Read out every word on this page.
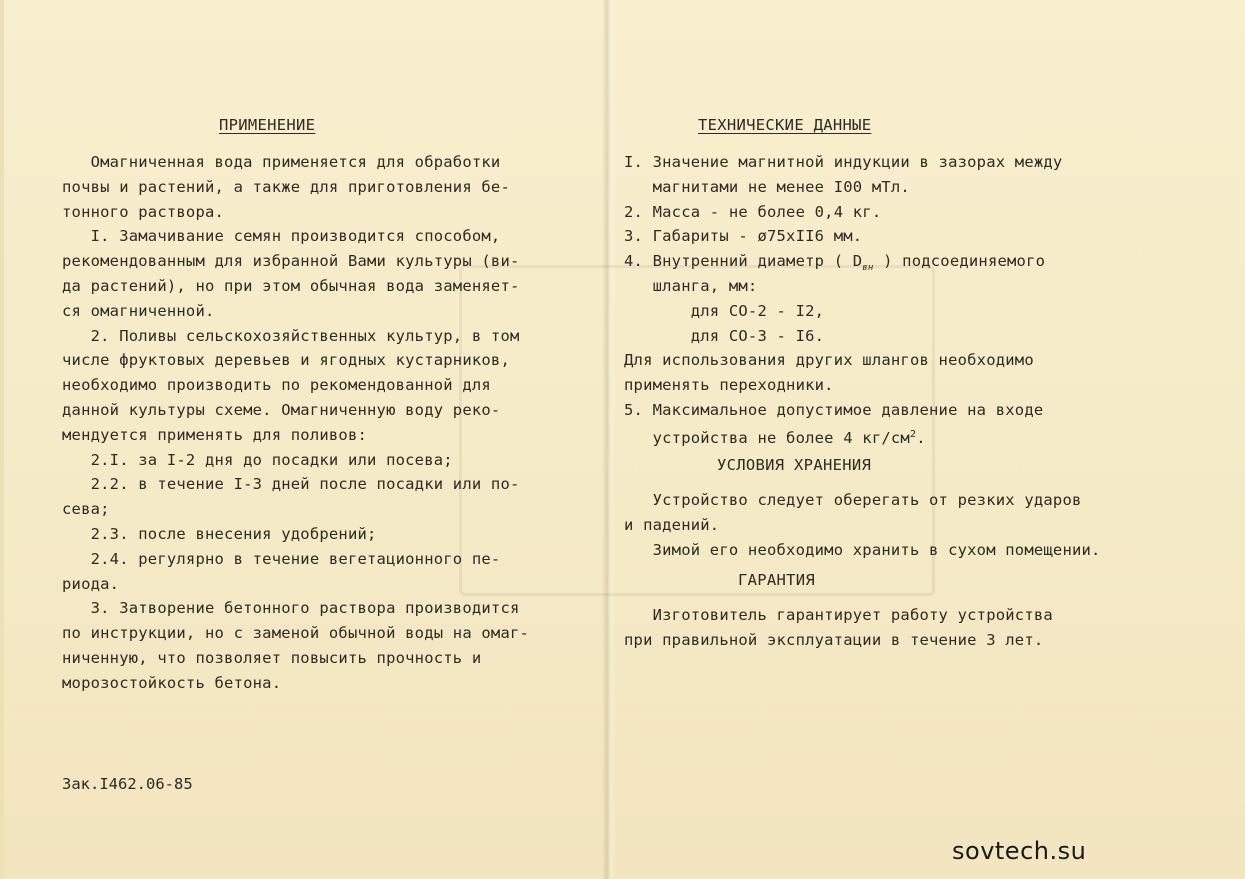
ПРИМЕНЕНИЕ
Омагниченная вода применяется для обработки
почвы и растений, а также для приготовления бе-
тонного раствора.
I. Замачивание семян производится способом,
рекомендованным для избранной Вами культуры (ви-
да растений), но при этом обычная вода заменяет-
ся омагниченной.
2. Поливы сельскохозяйственных культур, в том
числе фруктовых деревьев и ягодных кустарников,
необходимо производить по рекомендованной для
данной культуры схеме. Омагниченную воду реко-
мендуется применять для поливов:
2.I. за I-2 дня до посадки или посева;
2.2. в течение I-3 дней после посадки или по-
сева;
2.3. после внесения удобрений;
2.4. регулярно в течение вегетационного пе-
риода.
3. Затворение бетонного раствора производится
по инструкции, но с заменой обычной воды на омаг-
ниченную, что позволяет повысить прочность и
морозостойкость бетона.
Зак.I462.06-85
ТЕХНИЧЕСКИЕ ДАННЫЕ
I. Значение магнитной индукции в зазорах между
магнитами не менее I00 мТл.
2. Масса - не более 0,4 кг.
3. Габариты - ø75xII6 мм.
4. Внутренний диаметр ( $D_{вн}$ ) подсоединяемого
шланга, мм:
для СО-2 - I2,
для СО-3 - I6.
Для использования других шлангов необходимо
применять переходники.
5. Максимальное допустимое давление на входе
устройства не более 4 $кг/см^2$.
УСЛОВИЯ ХРАНЕНИЯ
Устройство следует оберегать от резких ударов
и падений.
Зимой его необходимо хранить в сухом помещении.
ГАРАНТИЯ
Изготовитель гарантирует работу устройства
при правильной эксплуатации в течение 3 лет.
sovtech.su
